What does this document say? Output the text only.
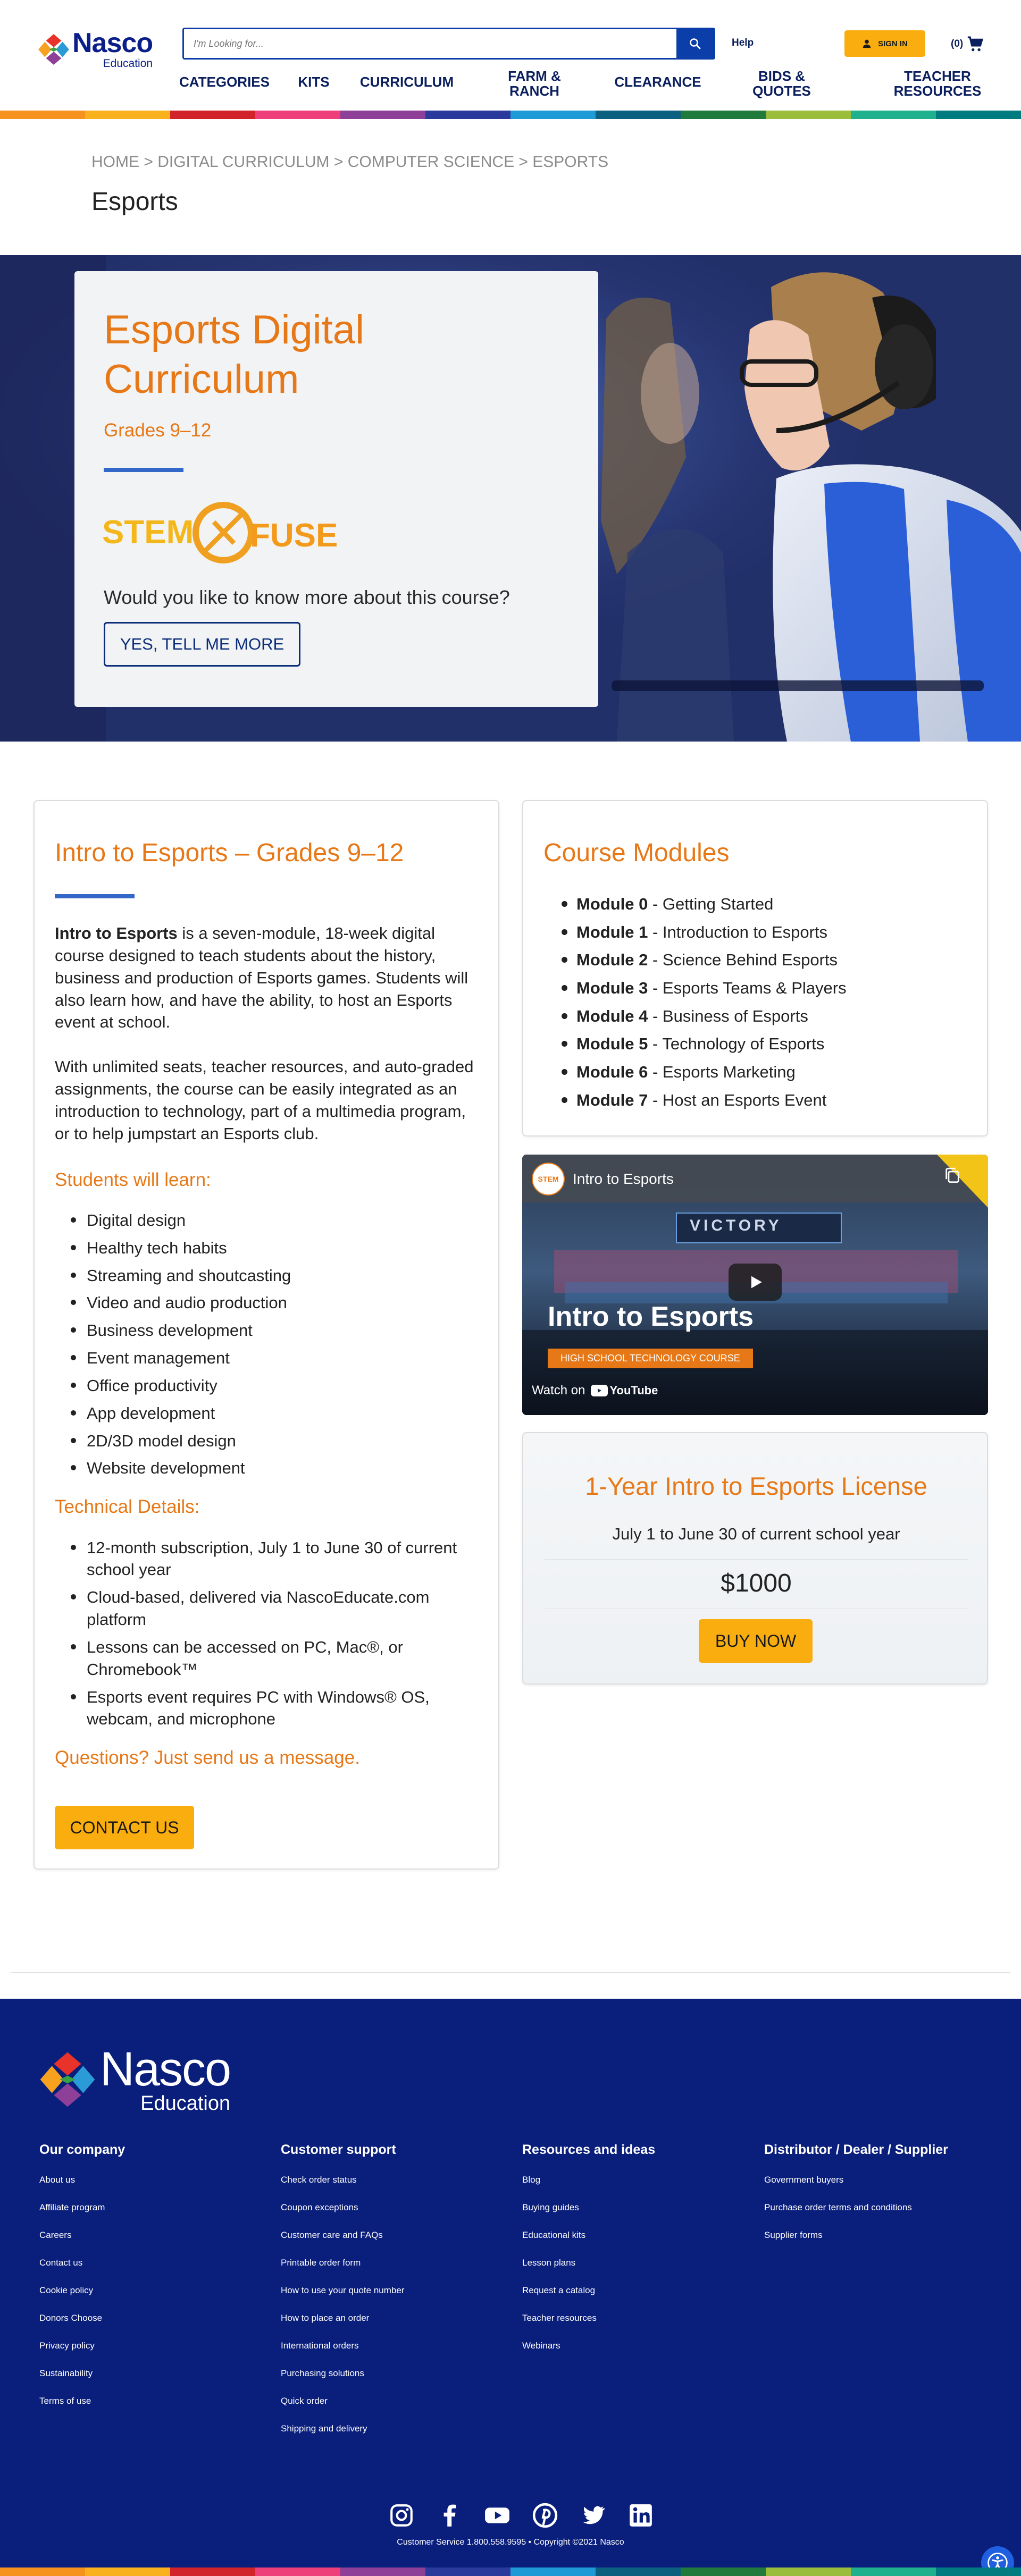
Nasco
Education
I'm Looking for...
Help	SIGN IN	(0)
CATEGORIES KITS CURRICULUM	FARM &
RANCH
CLEARANCE	BIDS &
QUOTES
TEACHER
RESOURCES
HOME > DIGITAL CURRICULUM > COMPUTER SCIENCE > ESPORTS
Esports
Esports Digital Curriculum
Grades 9–12
STEM FUSE
Would you like to know more about this course?
YES, TELL ME MORE
Intro to Esports – Grades 9–12

Intro to Esports is a seven-module, 18-week digital course designed to teach students about the history, business and production of Esports games. Students will also learn how, and have the ability, to host an Esports event at school.

With unlimited seats, teacher resources, and auto-graded assignments, the course can be easily integrated as an introduction to technology, part of a multimedia program, or to help jumpstart an Esports club.

Students will learn:
Digital design
Healthy tech habits
Streaming and shoutcasting
Video and audio production
Business development
Event management
Office productivity
App development
2D/3D model design
Website development
Technical Details:
12-month subscription, July 1 to June 30 of current school year
Cloud-based, delivered via NascoEducate.com platform
Lessons can be accessed on PC, Mac®, or Chromebook™
Esports event requires PC with Windows® OS, webcam, and microphone
Questions? Just send us a message.
CONTACT US
Course Modules
Module 0 - Getting Started
Module 1 - Introduction to Esports
Module 2 - Science Behind Esports
Module 3 - Esports Teams & Players
Module 4 - Business of Esports
Module 5 - Technology of Esports
Module 6 - Esports Marketing
Module 7 - Host an Esports Event
STEM Intro to Esports
VICTORY
Intro to Esports
HIGH SCHOOL TECHNOLOGY COURSE
Watch on YouTube
1-Year Intro to Esports License
July 1 to June 30 of current school year
$1000
BUY NOW
Nasco
Education
Our company
About us
Affiliate program
Careers
Contact us
Cookie policy
Donors Choose
Privacy policy
Sustainability
Terms of use
Customer support
Check order status
Coupon exceptions
Customer care and FAQs
Printable order form
How to use your quote number
How to place an order
International orders
Purchasing solutions
Quick order
Shipping and delivery
Resources and ideas
Blog
Buying guides
Educational kits
Lesson plans
Request a catalog
Teacher resources
Webinars
Distributor / Dealer / Supplier
Government buyers
Purchase order terms and conditions
Supplier forms
Customer Service 1.800.558.9595 • Copyright ©2021 Nasco
